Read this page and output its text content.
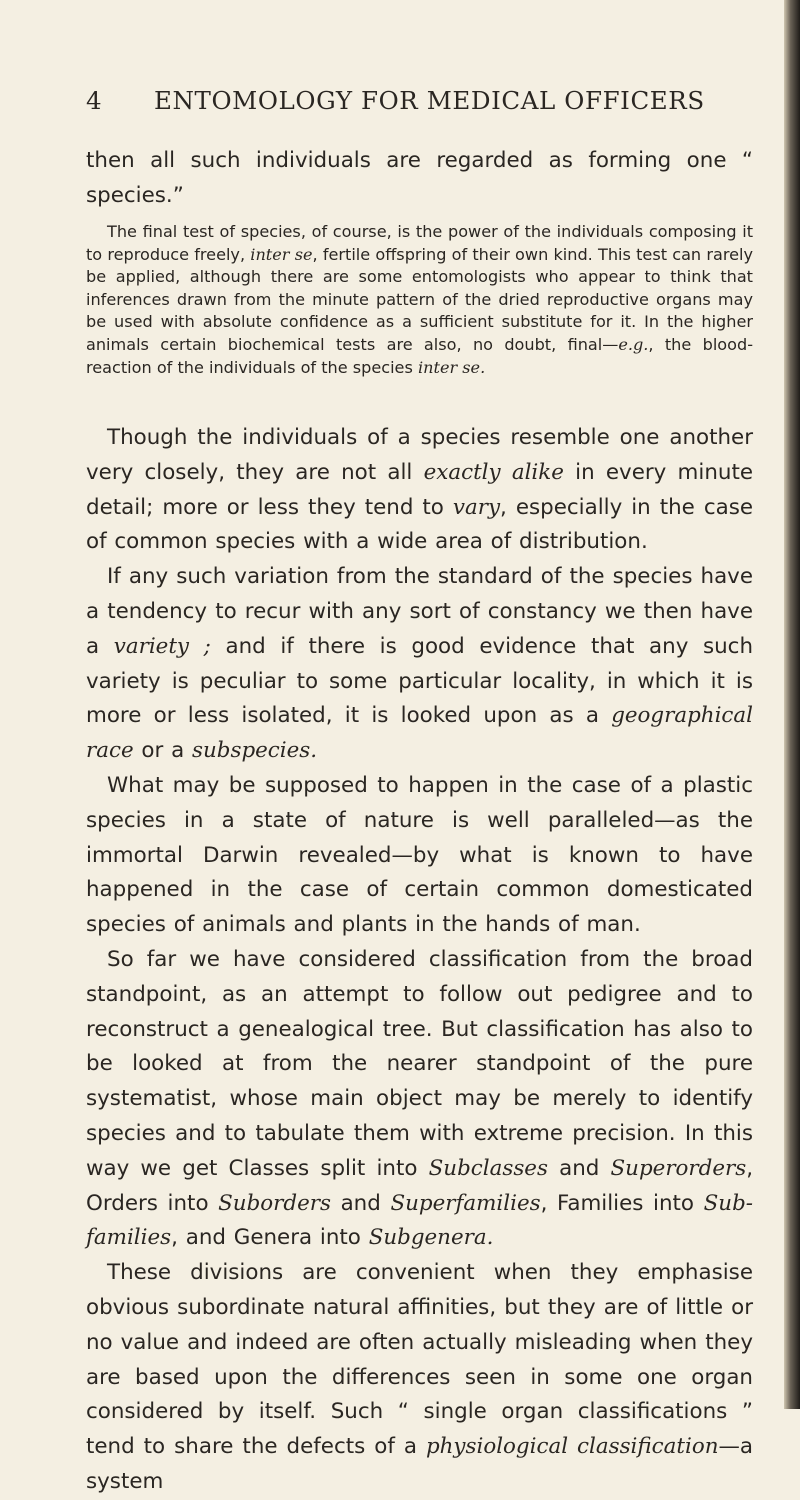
4 ENTOMOLOGY FOR MEDICAL OFFICERS

then all such individuals are regarded as forming one “ species.”

The final test of species, of course, is the power of the individuals composing it to reproduce freely, inter se, fertile offspring of their own kind. This test can rarely be applied, although there are some entomologists who appear to think that inferences drawn from the minute pattern of the dried reproductive organs may be used with absolute confidence as a sufficient substitute for it. In the higher animals certain biochemical tests are also, no doubt, final—e.g., the blood-reaction of the individuals of the species inter se.

Though the individuals of a species resemble one another very closely, they are not all exactly alike in every minute detail; more or less they tend to vary, especially in the case of common species with a wide area of distribution.

If any such variation from the standard of the species have a tendency to recur with any sort of constancy we then have a variety ; and if there is good evidence that any such variety is peculiar to some particular locality, in which it is more or less isolated, it is looked upon as a geographical race or a subspecies.

What may be supposed to happen in the case of a plastic species in a state of nature is well paralleled—as the immortal Darwin revealed—by what is known to have happened in the case of certain common domesticated species of animals and plants in the hands of man.

So far we have considered classification from the broad standpoint, as an attempt to follow out pedigree and to reconstruct a genealogical tree. But classification has also to be looked at from the nearer standpoint of the pure systematist, whose main object may be merely to identify species and to tabulate them with extreme precision. In this way we get Classes split into Subclasses and Superorders, Orders into Suborders and Superfamilies, Families into Subfamilies, and Genera into Subgenera.

These divisions are convenient when they emphasise obvious subordinate natural affinities, but they are of little or no value and indeed are often actually misleading when they are based upon the differences seen in some one organ considered by itself. Such “ single organ classifications ” tend to share the defects of a physiological classification—a system
